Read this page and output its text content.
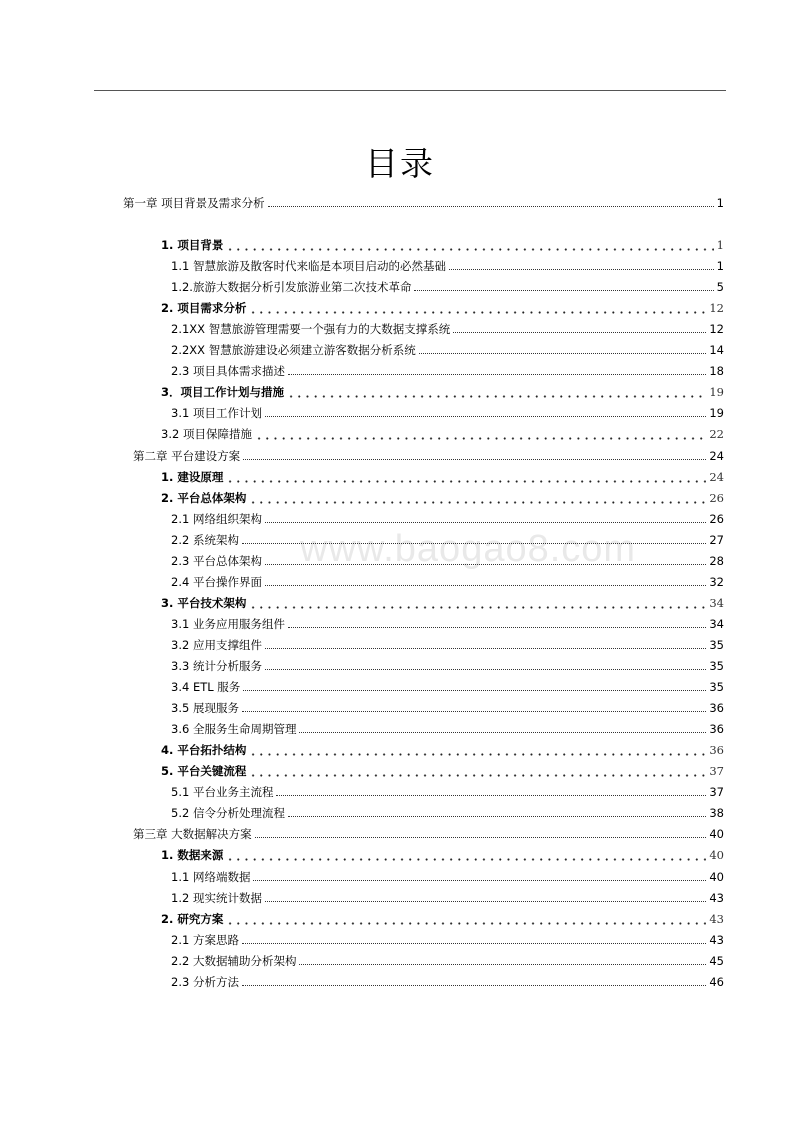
目录
www.baogao8.com
第一章 项目背景及需求分析	1
1. 项目背景	1
1.1 智慧旅游及散客时代来临是本项目启动的必然基础	1
1.2.旅游大数据分析引发旅游业第二次技术革命	5
2. 项目需求分析	12
2.1XX 智慧旅游管理需要一个强有力的大数据支撑系统	12
2.2XX 智慧旅游建设必须建立游客数据分析系统	14
2.3 项目具体需求描述	18
3．项目工作计划与措施	19
3.1 项目工作计划	19
3.2 项目保障措施	22
第二章 平台建设方案	24
1. 建设原理	24
2. 平台总体架构	26
2.1 网络组织架构	26
2.2 系统架构	27
2.3 平台总体架构	28
2.4 平台操作界面	32
3. 平台技术架构	34
3.1 业务应用服务组件	34
3.2 应用支撑组件	35
3.3 统计分析服务	35
3.4 ETL 服务	35
3.5 展现服务	36
3.6 全服务生命周期管理	36
4. 平台拓扑结构	36
5. 平台关键流程	37
5.1 平台业务主流程	37
5.2 信令分析处理流程	38
第三章 大数据解决方案	40
1. 数据来源	40
1.1 网络端数据	40
1.2 现实统计数据	43
2. 研究方案	43
2.1 方案思路	43
2.2 大数据辅助分析架构	45
2.3 分析方法	46
